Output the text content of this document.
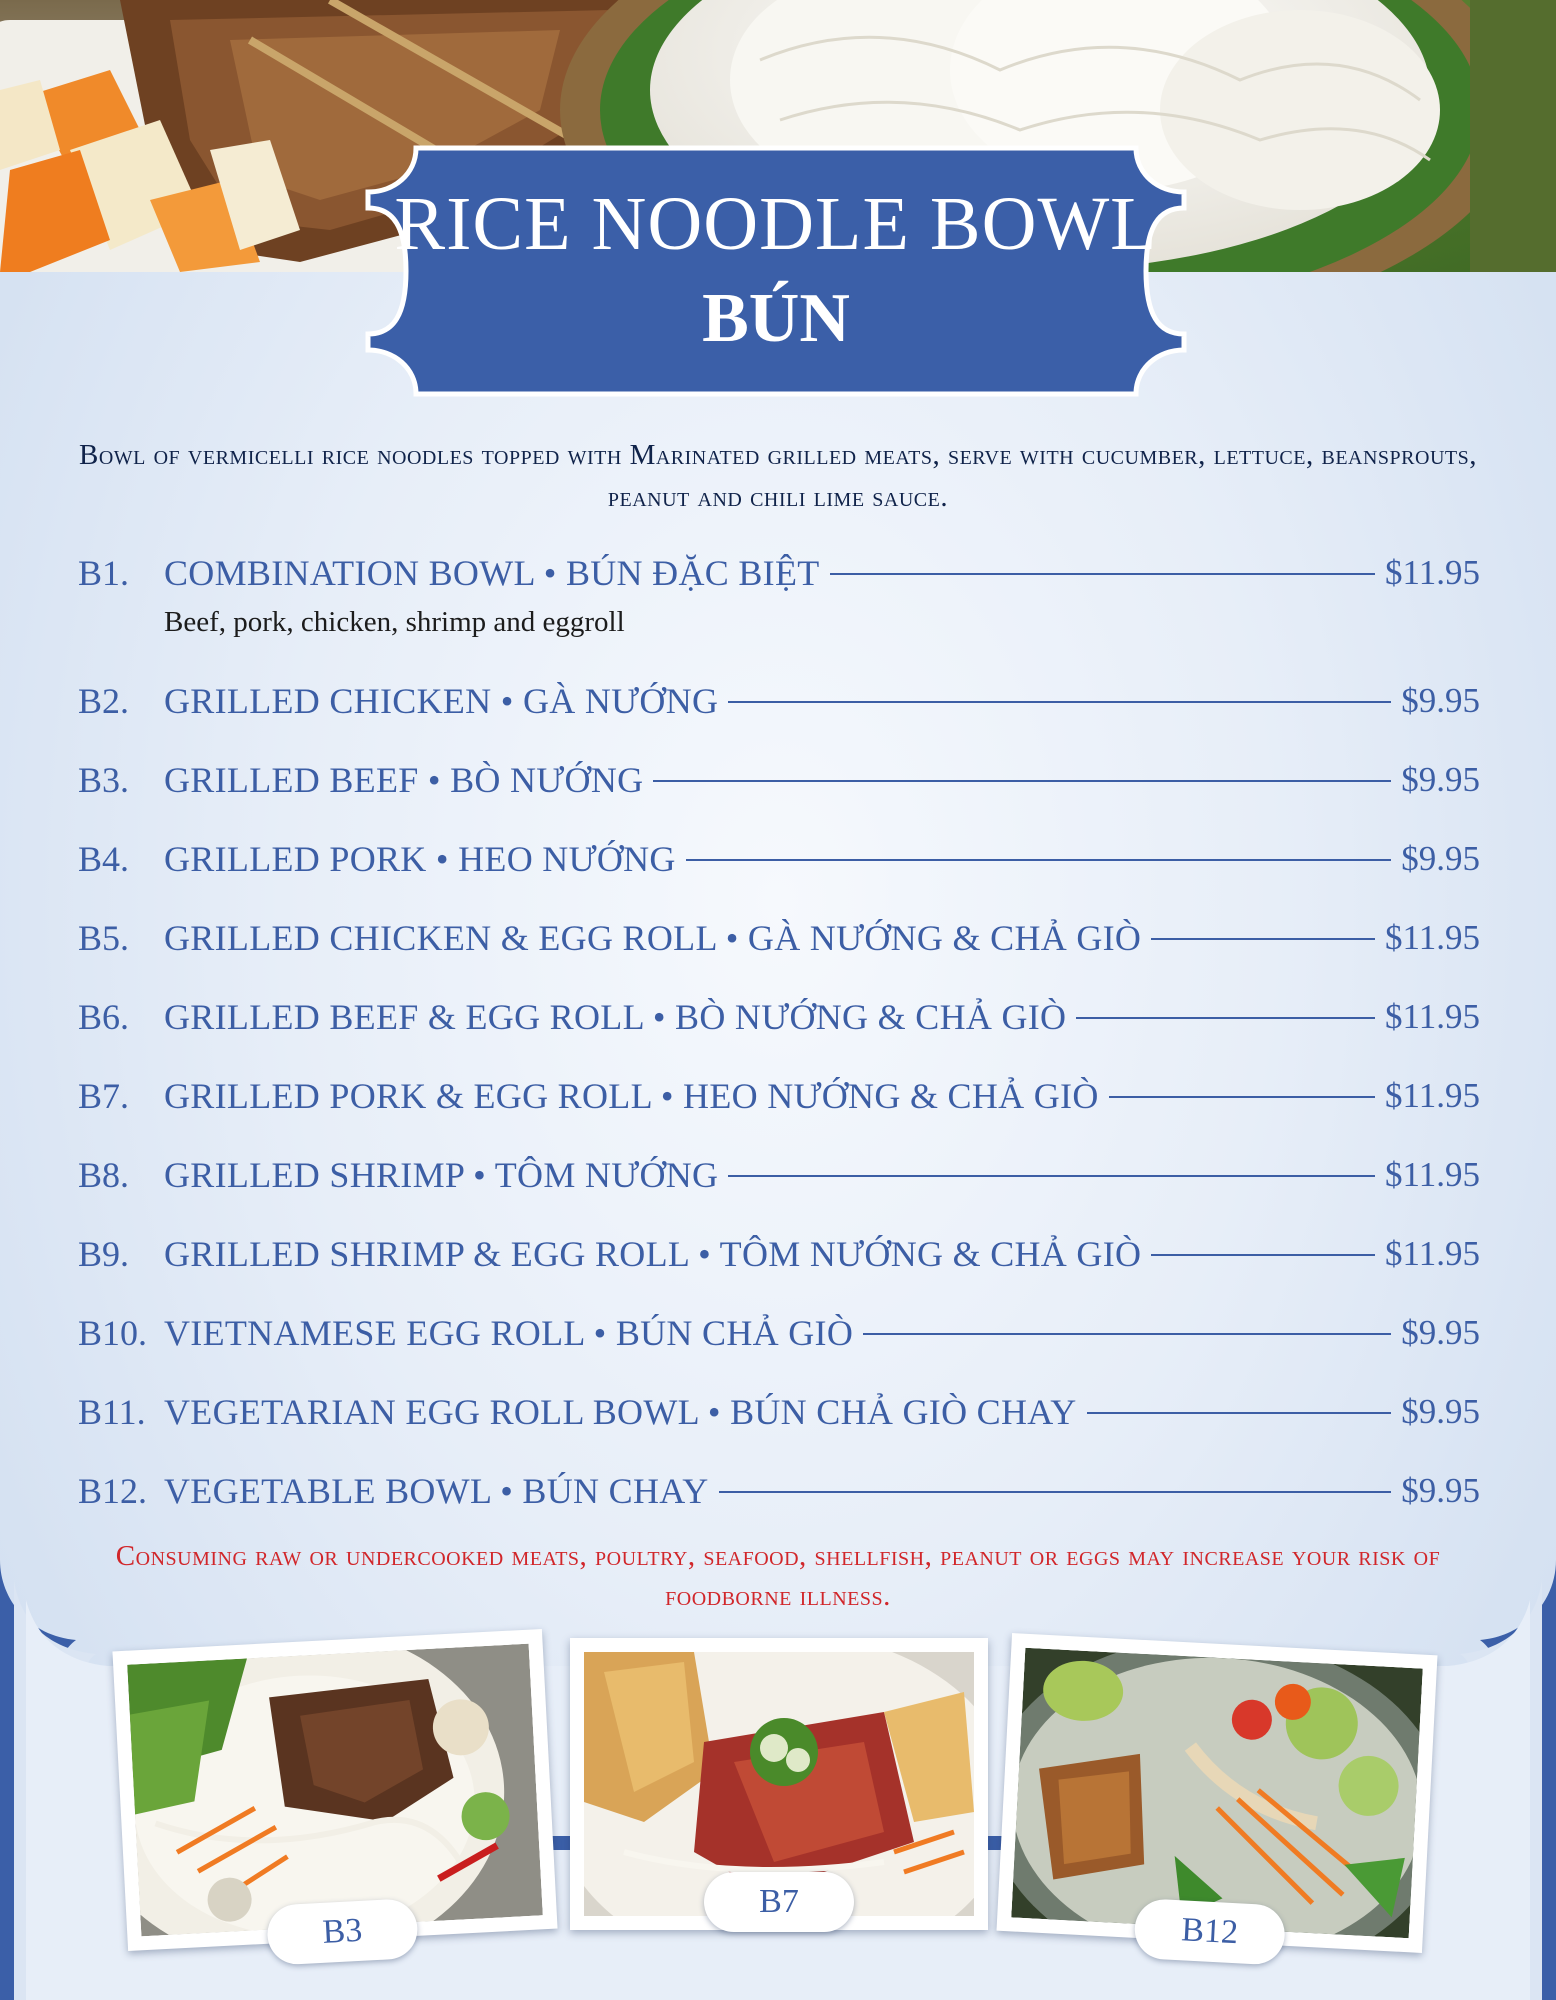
RICE NOODLE BOWL
BÚN
Bowl of vermicelli rice noodles topped with Marinated grilled meats, serve with cucumber, lettuce, beansprouts, peanut and chili lime sauce.
B1. COMBINATION BOWL • BÚN ĐẶC BIỆT	$11.95
Beef, pork, chicken, shrimp and eggroll
B2. GRILLED CHICKEN • GÀ NƯỚNG	$9.95
B3. GRILLED BEEF • BÒ NƯỚNG	$9.95
B4. GRILLED PORK • HEO NƯỚNG	$9.95
B5. GRILLED CHICKEN & EGG ROLL • GÀ NƯỚNG & CHẢ GIÒ	$11.95
B6. GRILLED BEEF & EGG ROLL • BÒ NƯỚNG & CHẢ GIÒ	$11.95
B7. GRILLED PORK & EGG ROLL • HEO NƯỚNG & CHẢ GIÒ	$11.95
B8. GRILLED SHRIMP • TÔM NƯỚNG	$11.95
B9. GRILLED SHRIMP & EGG ROLL • TÔM NƯỚNG & CHẢ GIÒ	$11.95
B10. VIETNAMESE EGG ROLL • BÚN CHẢ GIÒ	$9.95
B11. VEGETARIAN EGG ROLL BOWL • BÚN CHẢ GIÒ CHAY	$9.95
B12. VEGETABLE BOWL • BÚN CHAY	$9.95
Consuming raw or undercooked meats, poultry, seafood, shellfish, peanut or eggs may increase your risk of foodborne illness.
B3
B7
B12
